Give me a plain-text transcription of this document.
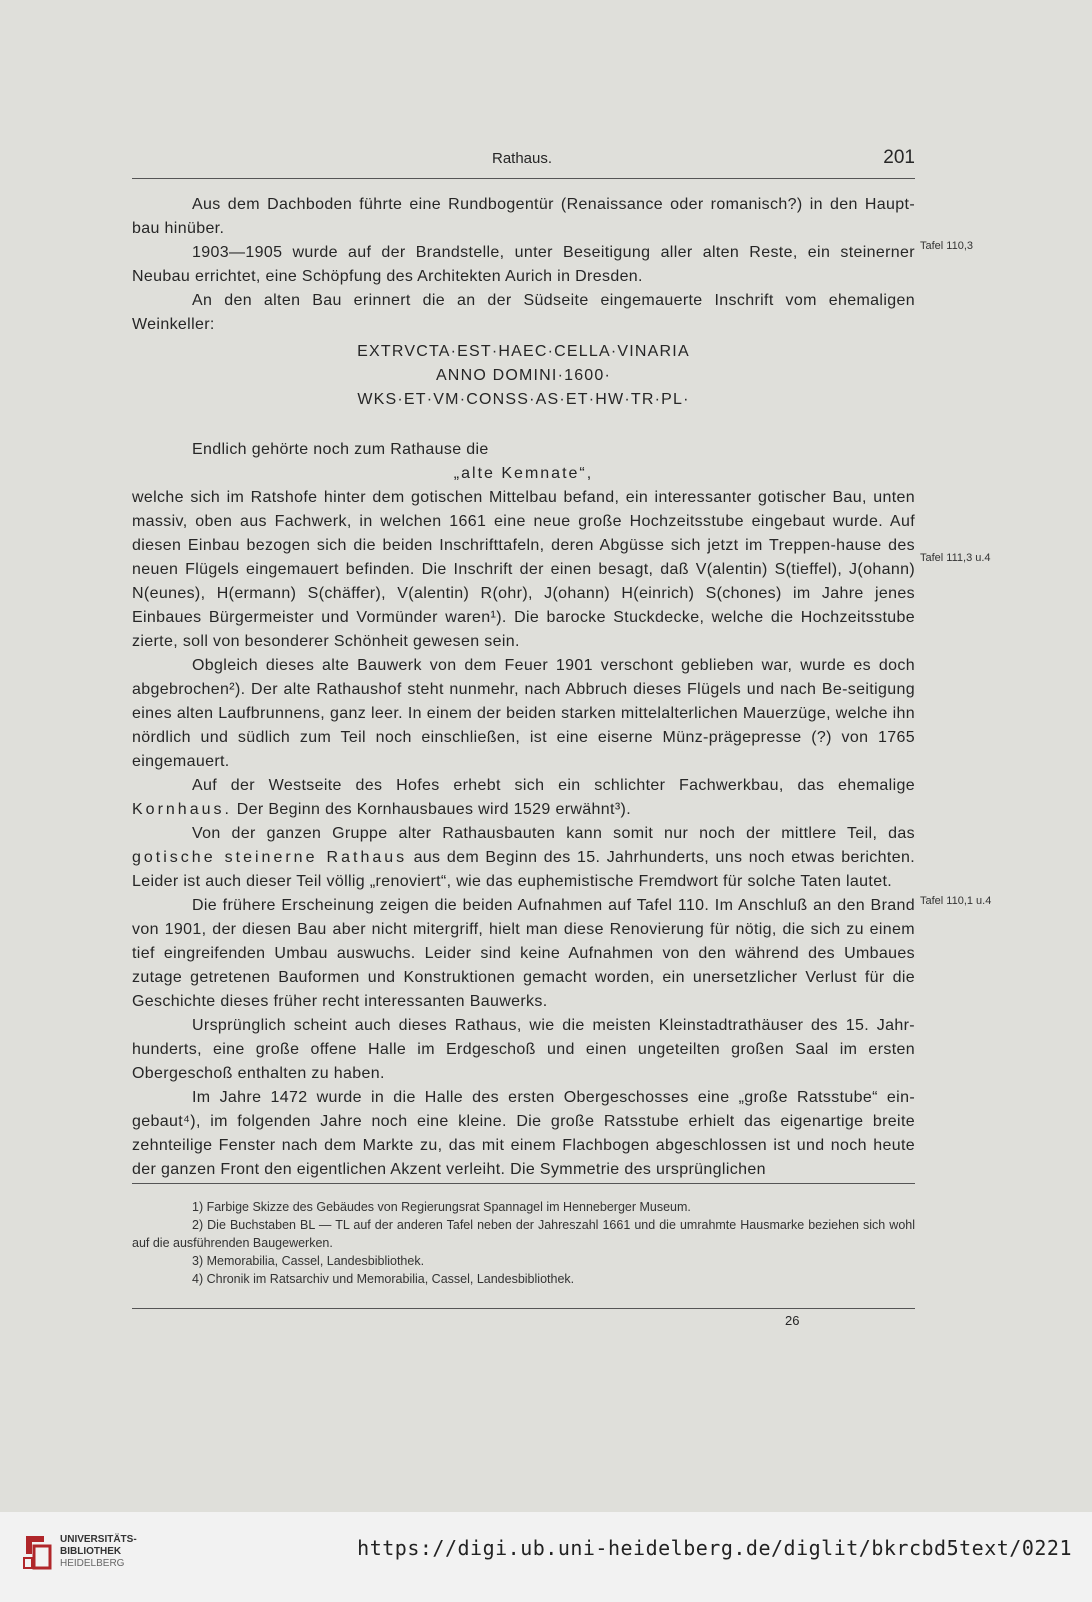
Rathaus.	201

Aus dem Dachboden führte eine Rundbogentür (Renaissance oder romanisch?) in den Haupt-bau hinüber.

1903—1905 wurde auf der Brandstelle, unter Beseitigung aller alten Reste, ein steinerner Neubau errichtet, eine Schöpfung des Architekten Aurich in Dresden.

An den alten Bau erinnert die an der Südseite eingemauerte Inschrift vom ehemaligen Weinkeller:

EXTRVCTA·EST·HAEC·CELLA·VINARIA
ANNO DOMINI·1600·
WKS·ET·VM·CONSS·AS·ET·HW·TR·PL·

Endlich gehörte noch zum Rathause die

„alte Kemnate“,

welche sich im Ratshofe hinter dem gotischen Mittelbau befand, ein interessanter gotischer Bau, unten massiv, oben aus Fachwerk, in welchen 1661 eine neue große Hochzeitsstube eingebaut wurde. Auf diesen Einbau bezogen sich die beiden Inschrifttafeln, deren Abgüsse sich jetzt im Treppen-hause des neuen Flügels eingemauert befinden. Die Inschrift der einen besagt, daß V(alentin) S(tieffel), J(ohann) N(eunes), H(ermann) S(chäffer), V(alentin) R(ohr), J(ohann) H(einrich) S(chones) im Jahre jenes Einbaues Bürgermeister und Vormünder waren¹). Die barocke Stuckdecke, welche die Hochzeitsstube zierte, soll von besonderer Schönheit gewesen sein.

Obgleich dieses alte Bauwerk von dem Feuer 1901 verschont geblieben war, wurde es doch abgebrochen²). Der alte Rathaushof steht nunmehr, nach Abbruch dieses Flügels und nach Be-seitigung eines alten Laufbrunnens, ganz leer. In einem der beiden starken mittelalterlichen Mauerzüge, welche ihn nördlich und südlich zum Teil noch einschließen, ist eine eiserne Münz-prägepresse (?) von 1765 eingemauert.

Auf der Westseite des Hofes erhebt sich ein schlichter Fachwerkbau, das ehemalige Kornhaus. Der Beginn des Kornhausbaues wird 1529 erwähnt³).

Von der ganzen Gruppe alter Rathausbauten kann somit nur noch der mittlere Teil, das gotische steinerne Rathaus aus dem Beginn des 15. Jahrhunderts, uns noch etwas berichten. Leider ist auch dieser Teil völlig „renoviert“, wie das euphemistische Fremdwort für solche Taten lautet.

Die frühere Erscheinung zeigen die beiden Aufnahmen auf Tafel 110. Im Anschluß an den Brand von 1901, der diesen Bau aber nicht mitergriff, hielt man diese Renovierung für nötig, die sich zu einem tief eingreifenden Umbau auswuchs. Leider sind keine Aufnahmen von den während des Umbaues zutage getretenen Bauformen und Konstruktionen gemacht worden, ein unersetzlicher Verlust für die Geschichte dieses früher recht interessanten Bauwerks.

Ursprünglich scheint auch dieses Rathaus, wie die meisten Kleinstadtrathäuser des 15. Jahr-hunderts, eine große offene Halle im Erdgeschoß und einen ungeteilten großen Saal im ersten Obergeschoß enthalten zu haben.

Im Jahre 1472 wurde in die Halle des ersten Obergeschosses eine „große Ratsstube“ ein-gebaut⁴), im folgenden Jahre noch eine kleine. Die große Ratsstube erhielt das eigenartige breite zehnteilige Fenster nach dem Markte zu, das mit einem Flachbogen abgeschlossen ist und noch heute der ganzen Front den eigentlichen Akzent verleiht. Die Symmetrie des ursprünglichen

Tafel 110,3
Tafel 111,3 u.4
Tafel 110,1 u.4

1) Farbige Skizze des Gebäudes von Regierungsrat Spannagel im Henneberger Museum.

2) Die Buchstaben BL — TL auf der anderen Tafel neben der Jahreszahl 1661 und die umrahmte Hausmarke beziehen sich wohl auf die ausführenden Baugewerken.

3) Memorabilia, Cassel, Landesbibliothek.

4) Chronik im Ratsarchiv und Memorabilia, Cassel, Landesbibliothek.

26
UNIVERSITÄTS-
BIBLIOTHEK
HEIDELBERG
https://digi.ub.uni-heidelberg.de/diglit/bkrcbd5text/0221
